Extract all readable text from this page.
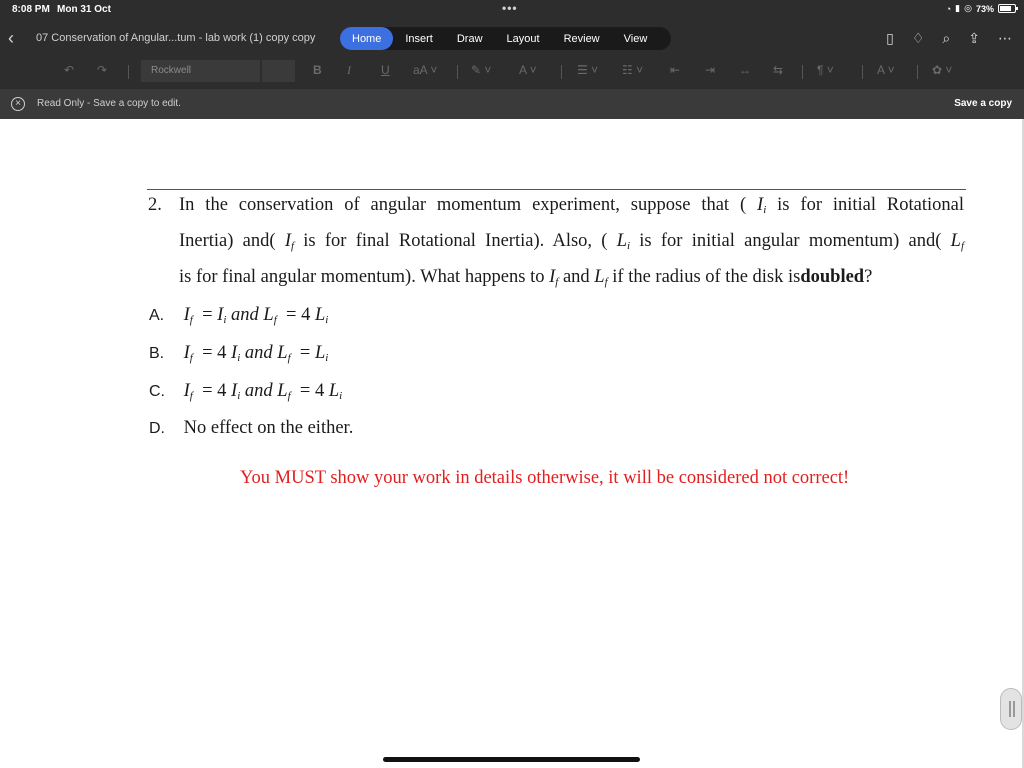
8:08 PM Mon 31 Oct	•••	◔ ▮ ◎ 73%
‹ 07 Conservation of Angular...tum - lab work (1) copy copy	Home	Insert	Draw	Layout	Review	View	▯ ♢ ⌕ ⇪ ⋯
↶ ↷	Rockwell	B I	U aA ˅	✎ ˅ A ˅	☰ ˅ ☷ ˅ ⇤ ⇥ ↔ ⇆	¶ ˅	A ˅	✿ ˅
×	Read Only - Save a copy to edit.	Save a copy
2. In the conservation of angular momentum experiment, suppose that ( $I_i$ is for initial Rotational
Inertia) and( $I_f$ is for final Rotational Inertia). Also, ( $L_i$ is for initial angular momentum) and( $L_f$
is for final angular momentum). What happens to $I_f$ and $L_f$ if the radius of the disk isdoubled?
A. $I_f = I_i$ and $L_f = 4$ $L_i$
B. $I_f = 4$ $I_i$ and $L_f = L_i$
C. $I_f = 4$ $I_i$ and $L_f = 4$ $L_i$
D. No effect on the either.
You MUST show your work in details otherwise, it will be considered not correct!
